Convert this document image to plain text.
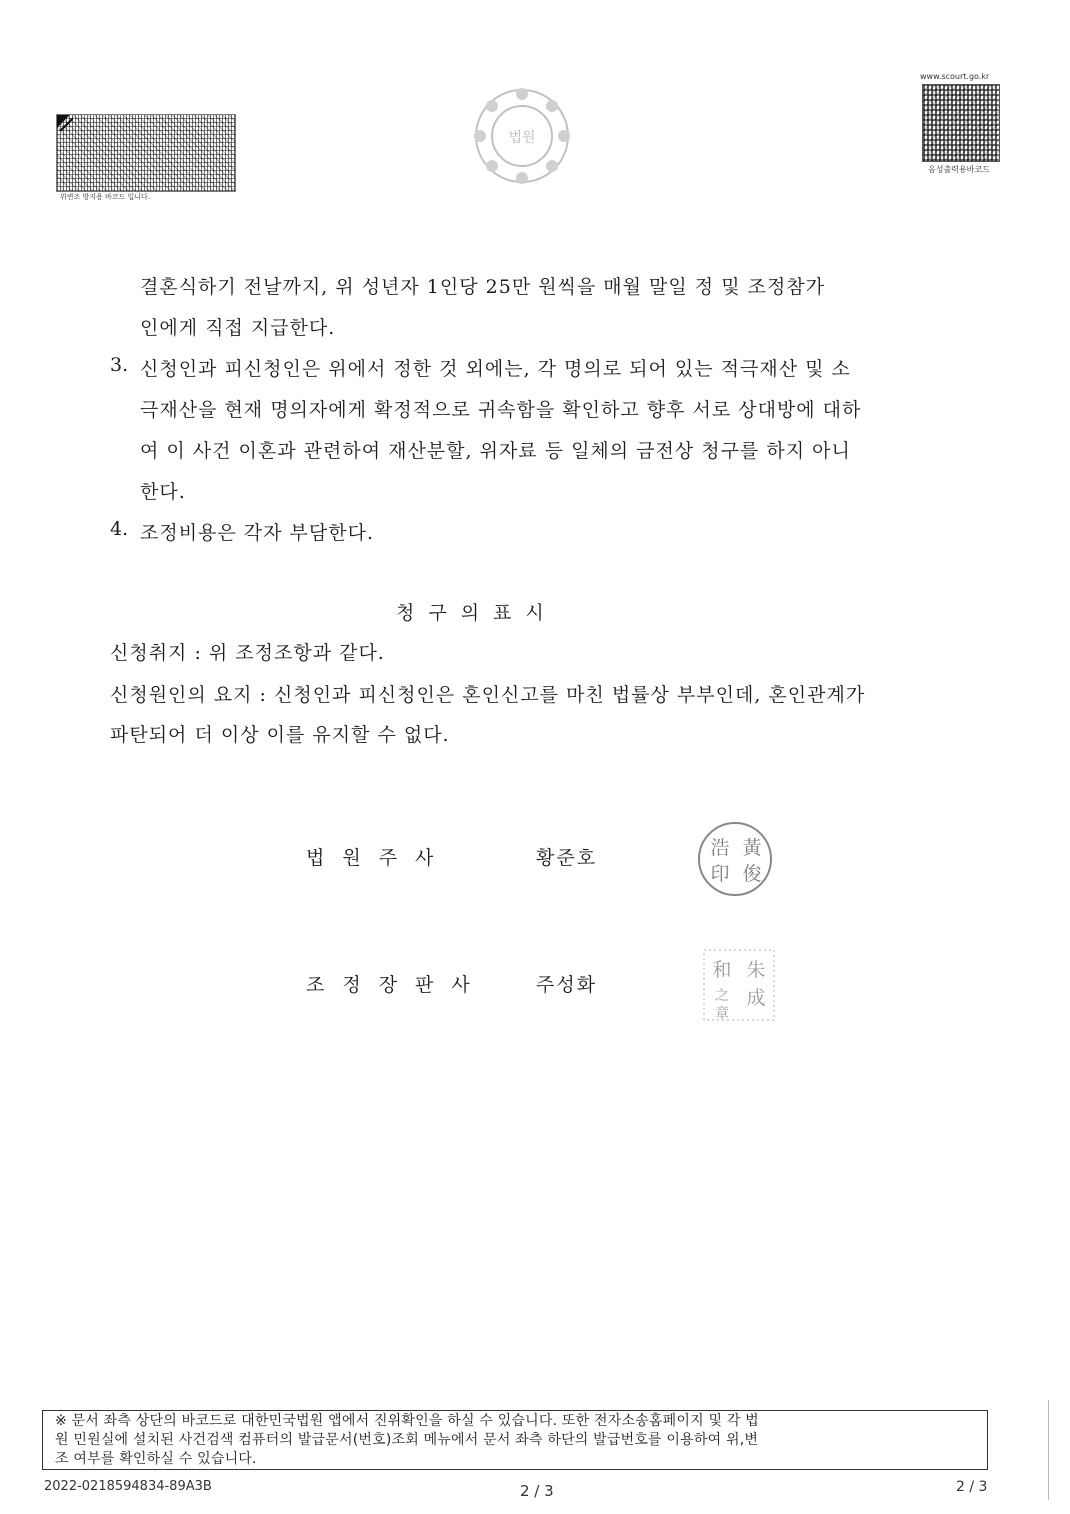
위변조 방지용 바코드 입니다.
법원
www.scourt.go.kr
음성출력용바코드
결혼식하기 전날까지, 위 성년자 1인당 25만 원씩을 매월 말일 정 및 조정참가
인에게 직접 지급한다.
3. 신청인과 피신청인은 위에서 정한 것 외에는, 각 명의로 되어 있는 적극재산 및 소
극재산을 현재 명의자에게 확정적으로 귀속함을 확인하고 향후 서로 상대방에 대하
여 이 사건 이혼과 관련하여 재산분할, 위자료 등 일체의 금전상 청구를 하지 아니
한다.
4. 조정비용은 각자 부담한다.
청구의표시
신청취지 : 위 조정조항과 같다.
신청원인의 요지 : 신청인과 피신청인은 혼인신고를 마친 법률상 부부인데, 혼인관계가
파탄되어 더 이상 이를 유지할 수 없다.
법원주사	황준호	黃
俊
浩
印
조정장판사	주성화
朱
成
和
之
章
※ 문서 좌측 상단의 바코드로 대한민국법원 앱에서 진위확인을 하실 수 있습니다. 또한 전자소송홈페이지 및 각 법
원 민원실에 설치된 사건검색 컴퓨터의 발급문서(번호)조회 메뉴에서 문서 좌측 하단의 발급번호를 이용하여 위,변
조 여부를 확인하실 수 있습니다.
2022-0218594834-89A3B	2 / 3	2 / 3
